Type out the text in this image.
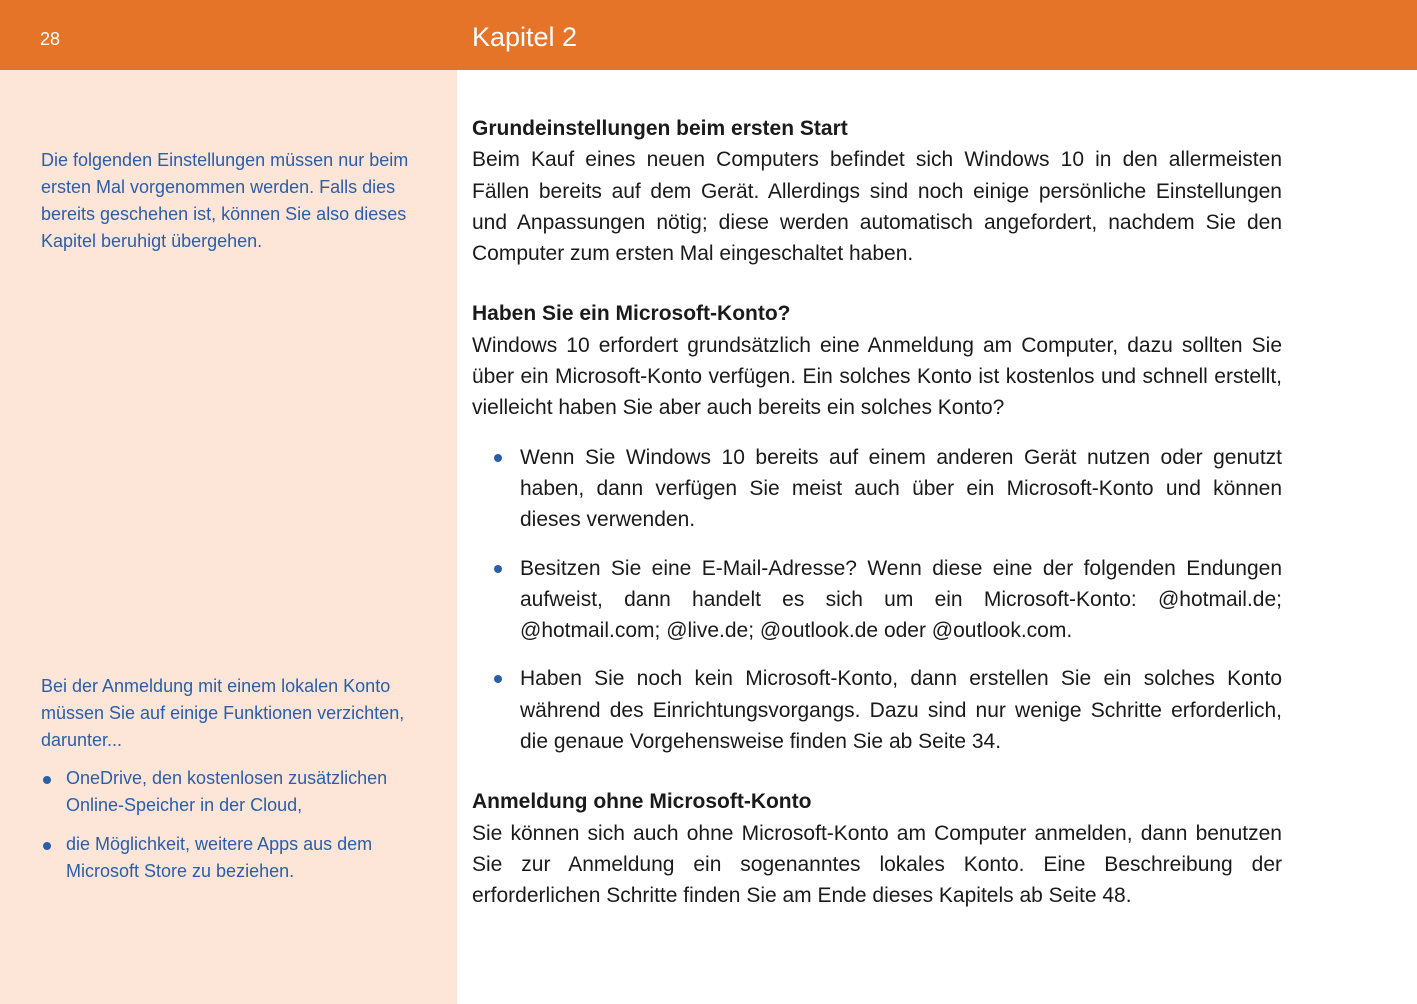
28	Kapitel 2

Die folgenden Einstellungen müssen nur beim ersten Mal vorgenommen werden. Falls dies bereits geschehen ist, können Sie also dieses Kapitel beruhigt übergehen.

Bei der Anmeldung mit einem lokalen Konto müssen Sie auf einige Funktionen verzichten, darunter...

OneDrive, den kostenlosen zusätzlichen Online-Speicher in der Cloud,
die Möglichkeit, weitere Apps aus dem Microsoft Store zu beziehen.
Grundeinstellungen beim ersten Start

Beim Kauf eines neuen Computers befindet sich Windows 10 in den allermeisten Fällen bereits auf dem Gerät. Allerdings sind noch einige persönliche Einstellungen und Anpassungen nötig; diese werden automatisch angefordert, nachdem Sie den Computer zum ersten Mal eingeschaltet haben.

Haben Sie ein Microsoft-Konto?

Windows 10 erfordert grundsätzlich eine Anmeldung am Computer, dazu sollten Sie über ein Microsoft-Konto verfügen. Ein solches Konto ist kostenlos und schnell erstellt, vielleicht haben Sie aber auch bereits ein solches Konto?

Wenn Sie Windows 10 bereits auf einem anderen Gerät nutzen oder genutzt haben, dann verfügen Sie meist auch über ein Microsoft-Konto und können dieses verwenden.
Besitzen Sie eine E-Mail-Adresse? Wenn diese eine der folgenden Endungen aufweist, dann handelt es sich um ein Microsoft-Konto: @hotmail.de; @hotmail.com; @live.de; @outlook.de oder @outlook.com.
Haben Sie noch kein Microsoft-Konto, dann erstellen Sie ein solches Konto während des Einrichtungsvorgangs. Dazu sind nur wenige Schritte erforderlich, die genaue Vorgehensweise finden Sie ab Seite 34.
Anmeldung ohne Microsoft-Konto

Sie können sich auch ohne Microsoft-Konto am Computer anmelden, dann benutzen Sie zur Anmeldung ein sogenanntes lokales Konto. Eine Beschreibung der erforderlichen Schritte finden Sie am Ende dieses Kapitels ab Seite 48.
